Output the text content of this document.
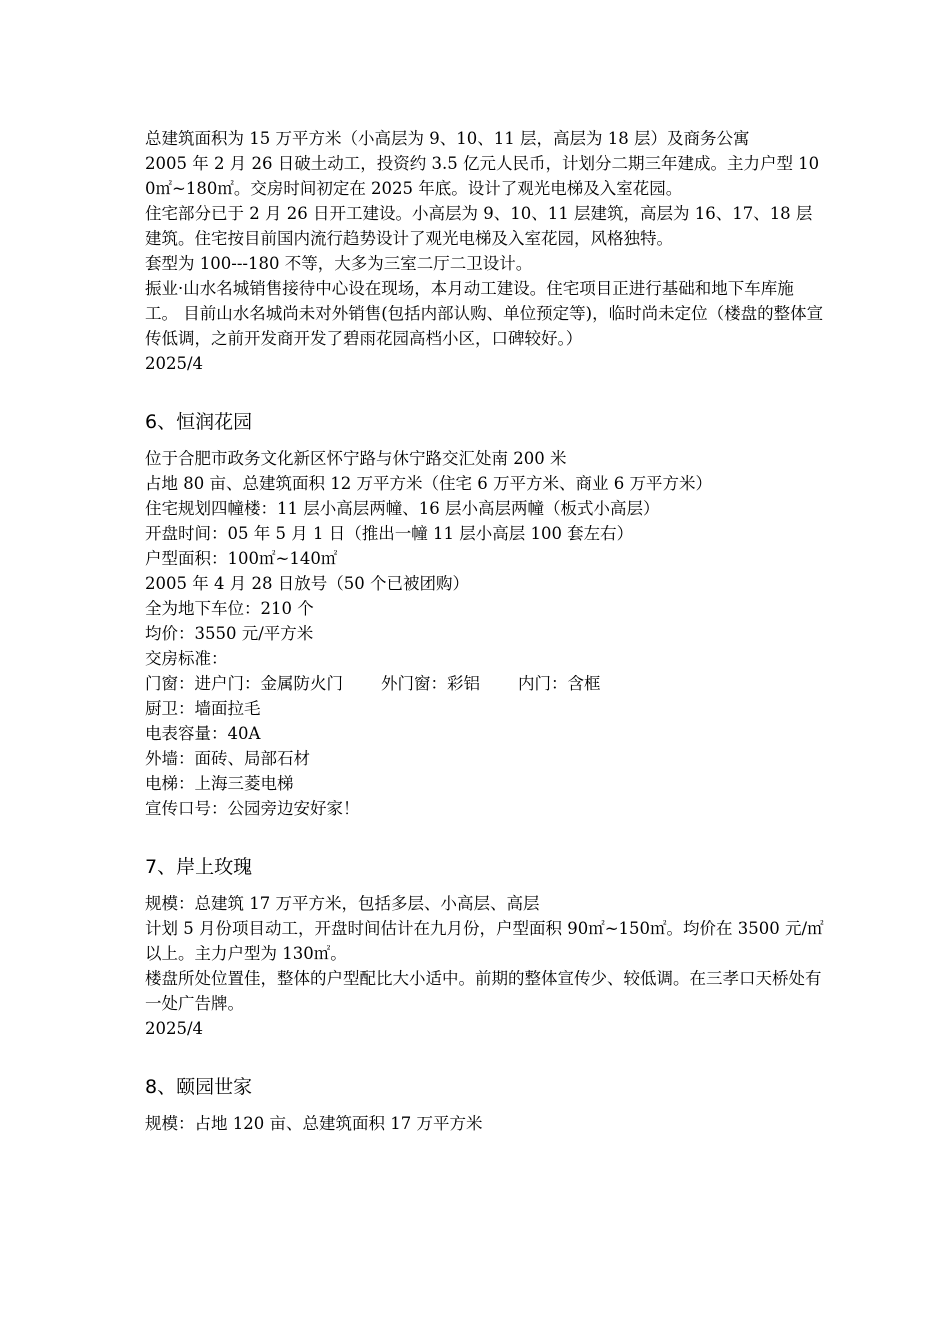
总建筑面积为 15 万平方米（小高层为 9、10、11 层，高层为 18 层）及商务公寓

2005 年 2 月 26 日破土动工，投资约 3.5 亿元人民币，计划分二期三年建成。主力户型 100㎡~180㎡。交房时间初定在 2025 年底。设计了观光电梯及入室花园。

住宅部分已于 2 月 26 日开工建设。小高层为 9、10、11 层建筑，高层为 16、17、18 层建筑。住宅按目前国内流行趋势设计了观光电梯及入室花园，风格独特。

套型为 100---180 不等，大多为三室二厅二卫设计。

振业·山水名城销售接待中心设在现场，本月动工建设。住宅项目正进行基础和地下车库施工。 目前山水名城尚未对外销售(包括内部认购、单位预定等)，临时尚未定位（楼盘的整体宣传低调，之前开发商开发了碧雨花园高档小区，口碑较好。）

2025/4

6、恒润花园

位于合肥市政务文化新区怀宁路与休宁路交汇处南 200 米

占地 80 亩、总建筑面积 12 万平方米（住宅 6 万平方米、商业 6 万平方米）

住宅规划四幢楼：11 层小高层两幢、16 层小高层两幢（板式小高层）

开盘时间：05 年 5 月 1 日（推出一幢 11 层小高层 100 套左右）

户型面积：100㎡~140㎡

2005 年 4 月 28 日放号（50 个已被团购）

全为地下车位：210 个

均价：3550 元/平方米

交房标准：

门窗：进户门：金属防火门 外门窗：彩铝 内门：含框

厨卫：墙面拉毛

电表容量：40A

外墙：面砖、局部石材

电梯：上海三菱电梯

宣传口号：公园旁边安好家！

7、岸上玫瑰

规模：总建筑 17 万平方米，包括多层、小高层、高层

计划 5 月份项目动工，开盘时间估计在九月份，户型面积 90㎡~150㎡。均价在 3500 元/㎡以上。主力户型为 130㎡。

楼盘所处位置佳，整体的户型配比大小适中。前期的整体宣传少、较低调。在三孝口天桥处有一处广告牌。

2025/4

8、颐园世家

规模：占地 120 亩、总建筑面积 17 万平方米
